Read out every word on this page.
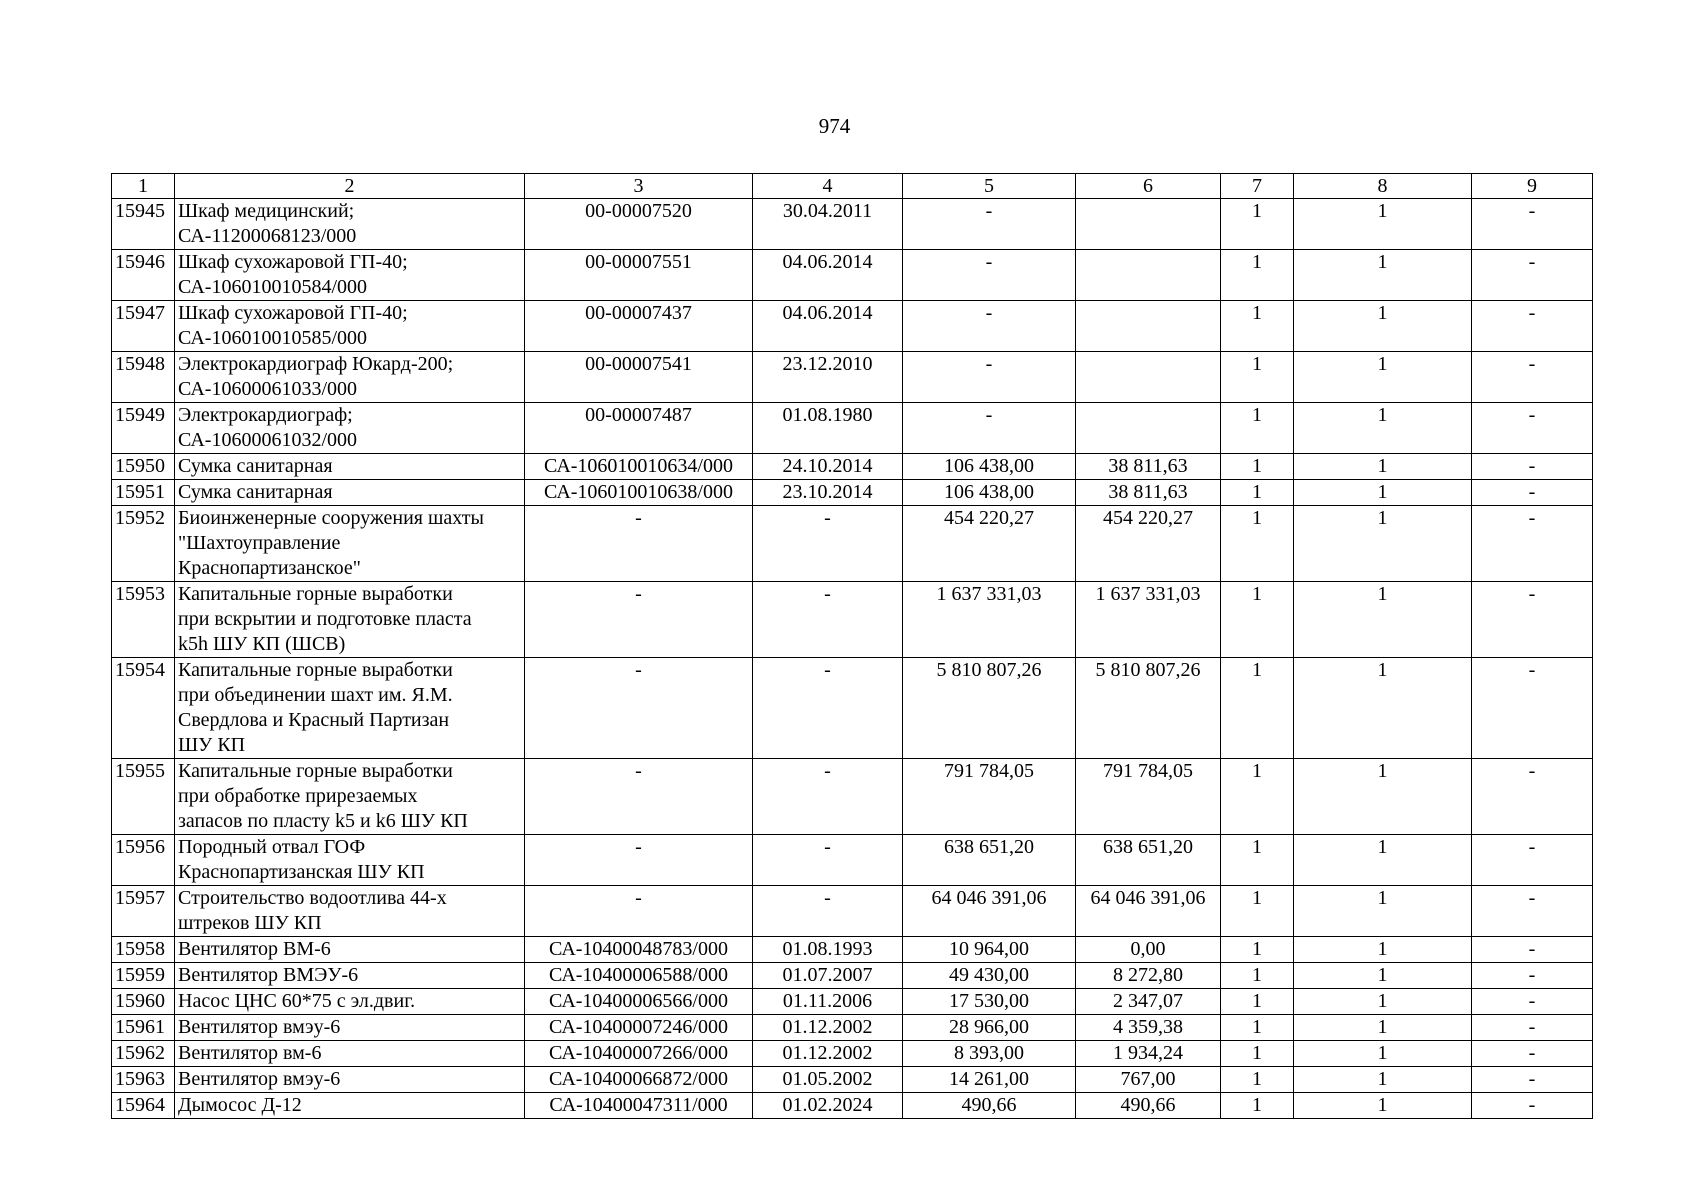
974
1	2	3	4	5	6	7	8	9
15945	Шкаф медицинский;
СА-11200068123/000	00-00007520	30.04.2011	-		1	1	-
15946	Шкаф сухожаровой ГП-40;
СА-106010010584/000	00-00007551	04.06.2014	-		1	1	-
15947	Шкаф сухожаровой ГП-40;
СА-106010010585/000	00-00007437	04.06.2014	-		1	1	-
15948	Электрокардиограф Юкард-200;
СА-10600061033/000	00-00007541	23.12.2010	-		1	1	-
15949	Электрокардиограф;
СА-10600061032/000	00-00007487	01.08.1980	-		1	1	-
15950	Сумка санитарная	СА-106010010634/000	24.10.2014	106 438,00	38 811,63	1	1	-
15951	Сумка санитарная	СА-106010010638/000	23.10.2014	106 438,00	38 811,63	1	1	-
15952	Биоинженерные сооружения шахты
"Шахтоуправление
Краснопартизанское"	-	-	454 220,27	454 220,27	1	1	-
15953	Капитальные горные выработки
при вскрытии и подготовке пласта
k5h ШУ КП (ШСВ)	-	-	1 637 331,03	1 637 331,03	1	1	-
15954	Капитальные горные выработки
при объединении шахт им. Я.М.
Свердлова и Красный Партизан
ШУ КП	-	-	5 810 807,26	5 810 807,26	1	1	-
15955	Капитальные горные выработки
при обработке прирезаемых
запасов по пласту k5 и k6 ШУ КП	-	-	791 784,05	791 784,05	1	1	-
15956	Породный отвал ГОФ
Краснопартизанская ШУ КП	-	-	638 651,20	638 651,20	1	1	-
15957	Строительство водоотлива 44-х
штреков ШУ КП	-	-	64 046 391,06	64 046 391,06	1	1	-
15958	Вентилятор ВМ-6	СА-10400048783/000	01.08.1993	10 964,00	0,00	1	1	-
15959	Вентилятор ВМЭУ-6	СА-10400006588/000	01.07.2007	49 430,00	8 272,80	1	1	-
15960	Насос ЦНС 60*75 с эл.двиг.	СА-10400006566/000	01.11.2006	17 530,00	2 347,07	1	1	-
15961	Вентилятор вмэу-6	СА-10400007246/000	01.12.2002	28 966,00	4 359,38	1	1	-
15962	Вентилятор вм-6	СА-10400007266/000	01.12.2002	8 393,00	1 934,24	1	1	-
15963	Вентилятор вмэу-6	СА-10400066872/000	01.05.2002	14 261,00	767,00	1	1	-
15964	Дымосос Д-12	СА-10400047311/000	01.02.2024	490,66	490,66	1	1	-
